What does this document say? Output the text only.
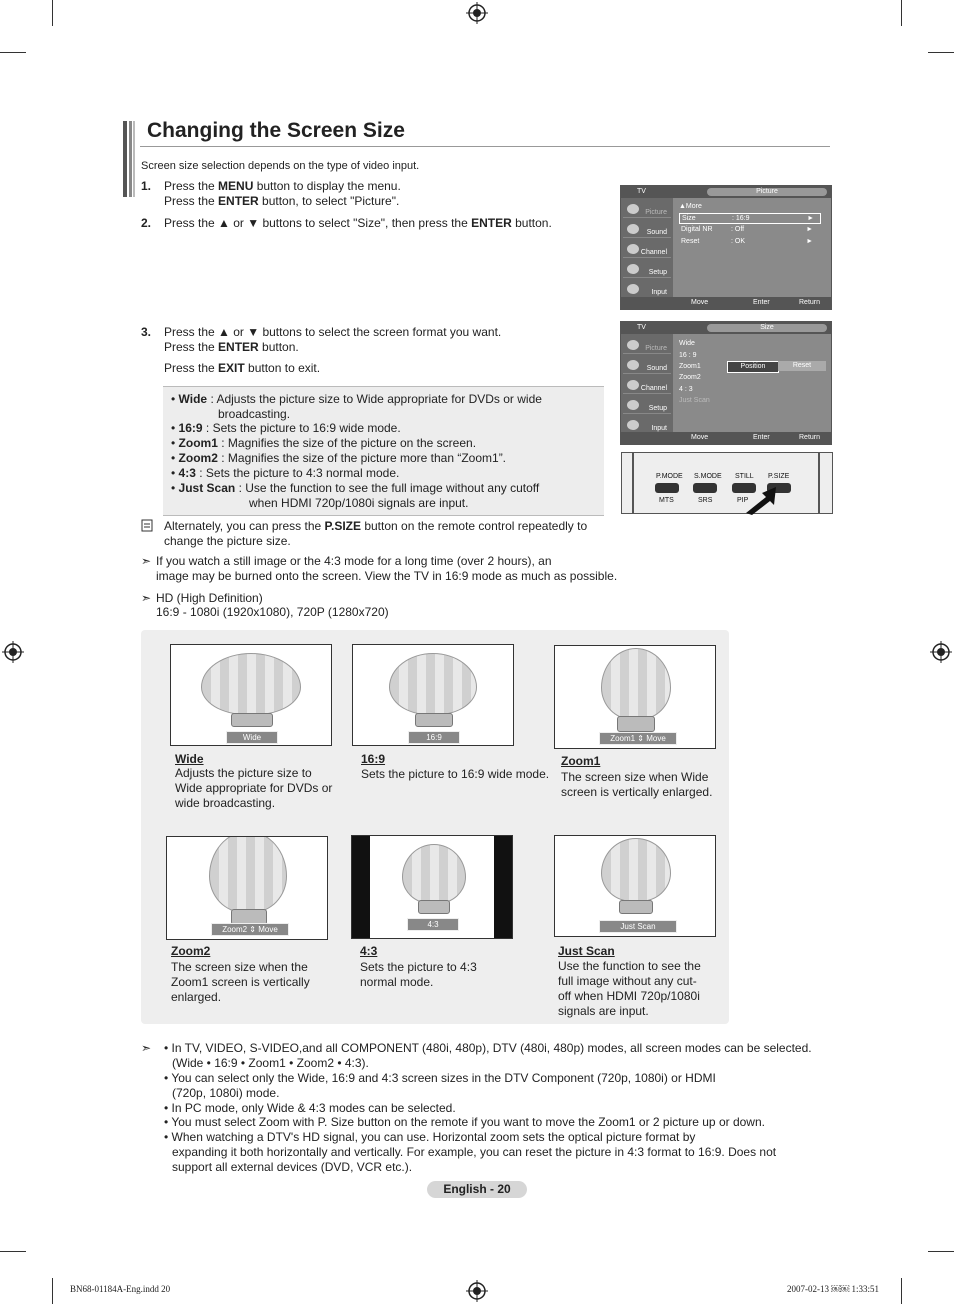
Changing the Screen Size
Screen size selection depends on the type of video input.
1. Press the MENU button to display the menu.
Press the ENTER button, to select "Picture".
2. Press the ▲ or ▼ buttons to select "Size", then press the ENTER button.
3. Press the ▲ or ▼ buttons to select the screen format you want.
Press the ENTER button.
Press the EXIT button to exit.
TV	Picture
Picture
Sound
Channel
Setup
Input
▲More
Size	: 16:9	►
Digital NR	: Off	►
Reset	: OK	►
Move	Enter	Return
TV	Size
Picture
Sound
Channel
Setup
Input
Wide
16 : 9
Zoom1
Zoom2
4 : 3
Just Scan
Position	Reset
Move	Enter	Return
P.MODE S.MODE STILL P.SIZE
MTS	SRS	PIP
• Wide : Adjusts the picture size to Wide appropriate for DVDs or wide
broadcasting.
• 16:9 : Sets the picture to 16:9 wide mode.
• Zoom1 : Magnifies the size of the picture on the screen.
• Zoom2 : Magnifies the size of the picture more than “Zoom1”.
• 4:3 : Sets the picture to 4:3 normal mode.
• Just Scan : Use the function to see the full image without any cutoff
when HDMI 720p/1080i signals are input.
Alternately, you can press the P.SIZE button on the remote control repeatedly to
change the picture size.
➣ If you watch a still image or the 4:3 mode for a long time (over 2 hours), an
image may be burned onto the screen. View the TV in 16:9 mode as much as possible.
➣ HD (High Definition)
16:9 - 1080i (1920x1080), 720P (1280x720)
Wide
Wide
Adjusts the picture size to
Wide appropriate for DVDs or
wide broadcasting.
16:9
16:9
Sets the picture to 16:9 wide mode.
Zoom1 ⇕ Move
Zoom1
The screen size when Wide
screen is vertically enlarged.
Zoom2 ⇕ Move
Zoom2
The screen size when the
Zoom1 screen is vertically
enlarged.
4:3
4:3
Sets the picture to 4:3
normal mode.
Just Scan
Just Scan
Use the function to see the
full image without any cut-
off when HDMI 720p/1080i
signals are input.
➣ • In TV, VIDEO, S-VIDEO,and all COMPONENT (480i, 480p), DTV (480i, 480p) modes, all screen modes can be selected.
(Wide • 16:9 • Zoom1 • Zoom2 • 4:3).
• You can select only the Wide, 16:9 and 4:3 screen sizes in the DTV Component (720p, 1080i) or HDMI
(720p, 1080i) mode.
• In PC mode, only Wide & 4:3 modes can be selected.
• You must select Zoom with P. Size button on the remote if you want to move the Zoom1 or 2 picture up or down.
• When watching a DTV's HD signal, you can use. Horizontal zoom sets the optical picture format by
expanding it both horizontally and vertically. For example, you can reset the picture in 4:3 format to 16:9. Does not
support all external devices (DVD, VCR etc.).
English - 20
BN68-01184A-Eng.indd 20	2007-02-13 ￼￼ 1:33:51
